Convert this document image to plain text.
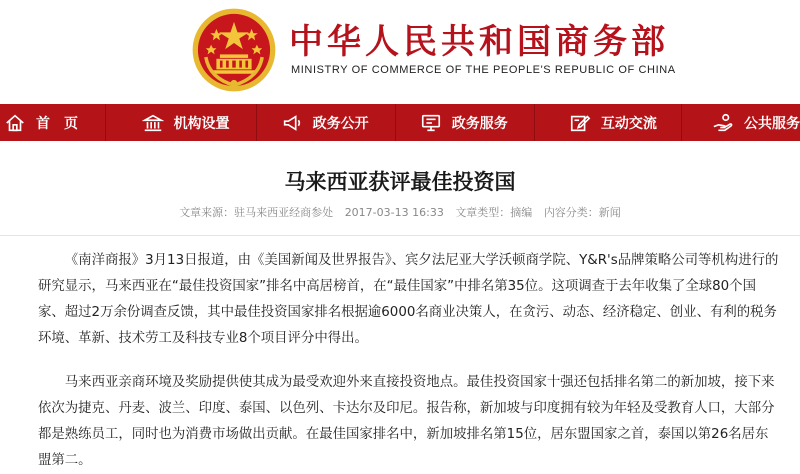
中华人民共和国商务部
MINISTRY OF COMMERCE OF THE PEOPLE'S REPUBLIC OF CHINA
首　页	机构设置	政务公开	政务服务	互动交流	公共服务
马来西亚获评最佳投资国
文章来源：驻马来西亚经商参处 2017-03-13 16:33 文章类型：摘编 内容分类：新闻

《南洋商报》3月13日报道，由《美国新闻及世界报告》、宾夕法尼亚大学沃顿商学院、Y&R's品牌策略公司等机构进行的研究显示，马来西亚在“最佳投资国家”排名中高居榜首，在“最佳国家”中排名第35位。这项调查于去年收集了全球80个国家、超过2万余份调查反馈，其中最佳投资国家排名根据逾6000名商业决策人，在贪污、动态、经济稳定、创业、有利的税务环境、革新、技术劳工及科技专业8个项目评分中得出。

马来西亚亲商环境及奖励提供使其成为最受欢迎外来直接投资地点。最佳投资国家十强还包括排名第二的新加坡，接下来依次为捷克、丹麦、波兰、印度、泰国、以色列、卡达尔及印尼。报告称，新加坡与印度拥有较为年轻及受教育人口，大部分都是熟练员工，同时也为消费市场做出贡献。在最佳国家排名中，新加坡排名第15位，居东盟国家之首，泰国以第26名居东盟第二。
